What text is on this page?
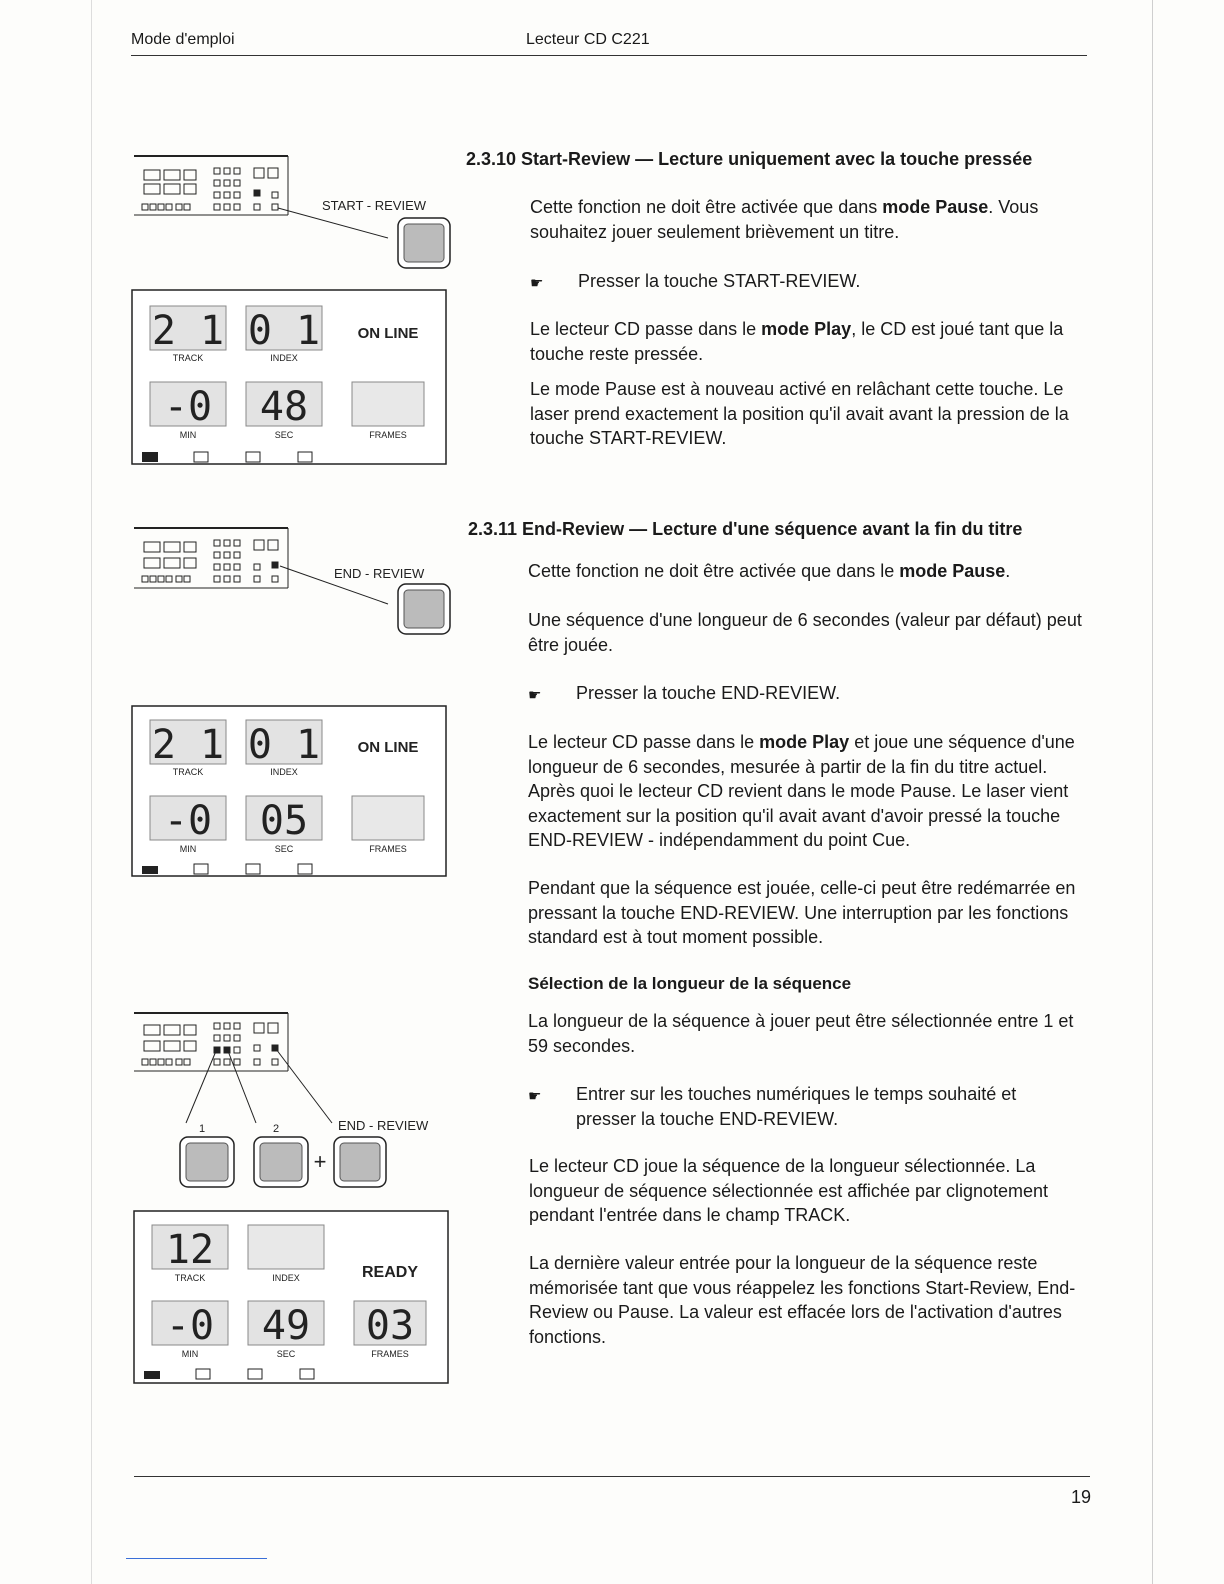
Mode d'emploi	Lecteur CD C221
START - REVIEW
2 1 0 1
-0 48
TRACK	INDEX
MIN	SEC	FRAMES
ON LINE
END - REVIEW
2 1 0 1
-0 05
TRACK	INDEX
MIN	SEC	FRAMES
ON LINE
1	2	END - REVIEW
+
12
-0 49 03
TRACK	INDEX
MIN	SEC	FRAMES
READY

2.3.10 Start-Review — Lecture uniquement avec la touche pressée

Cette fonction ne doit être activée que dans mode Pause. Vous souhaitez jouer seulement brièvement un titre.

☛ Presser la touche START-REVIEW.

Le lecteur CD passe dans le mode Play, le CD est joué tant que la touche reste pressée.

Le mode Pause est à nouveau activé en relâchant cette touche. Le laser prend exactement la position qu'il avait avant la pression de la touche START-REVIEW.

2.3.11 End-Review — Lecture d'une séquence avant la fin du titre

Cette fonction ne doit être activée que dans le mode Pause.

Une séquence d'une longueur de 6 secondes (valeur par défaut) peut être jouée.

☛ Presser la touche END-REVIEW.

Le lecteur CD passe dans le mode Play et joue une séquence d'une longueur de 6 secondes, mesurée à partir de la fin du titre actuel. Après quoi le lecteur CD revient dans le mode Pause. Le laser vient exactement sur la position qu'il avait avant d'avoir pressé la touche END-REVIEW - indépendamment du point Cue.

Pendant que la séquence est jouée, celle-ci peut être redémarrée en pressant la touche END-REVIEW. Une interruption par les fonctions standard est à tout moment possible.

Sélection de la longueur de la séquence

La longueur de la séquence à jouer peut être sélectionnée entre 1 et 59 secondes.

☛ Entrer sur les touches numériques le temps souhaité et presser la touche END-REVIEW.

Le lecteur CD joue la séquence de la longueur sélectionnée. La longueur de séquence sélectionnée est affichée par clignotement pendant l'entrée dans le champ TRACK.

La dernière valeur entrée pour la longueur de la séquence reste mémorisée tant que vous réappelez les fonctions Start-Review, End-Review ou Pause. La valeur est effacée lors de l'activation d'autres fonctions.

19
